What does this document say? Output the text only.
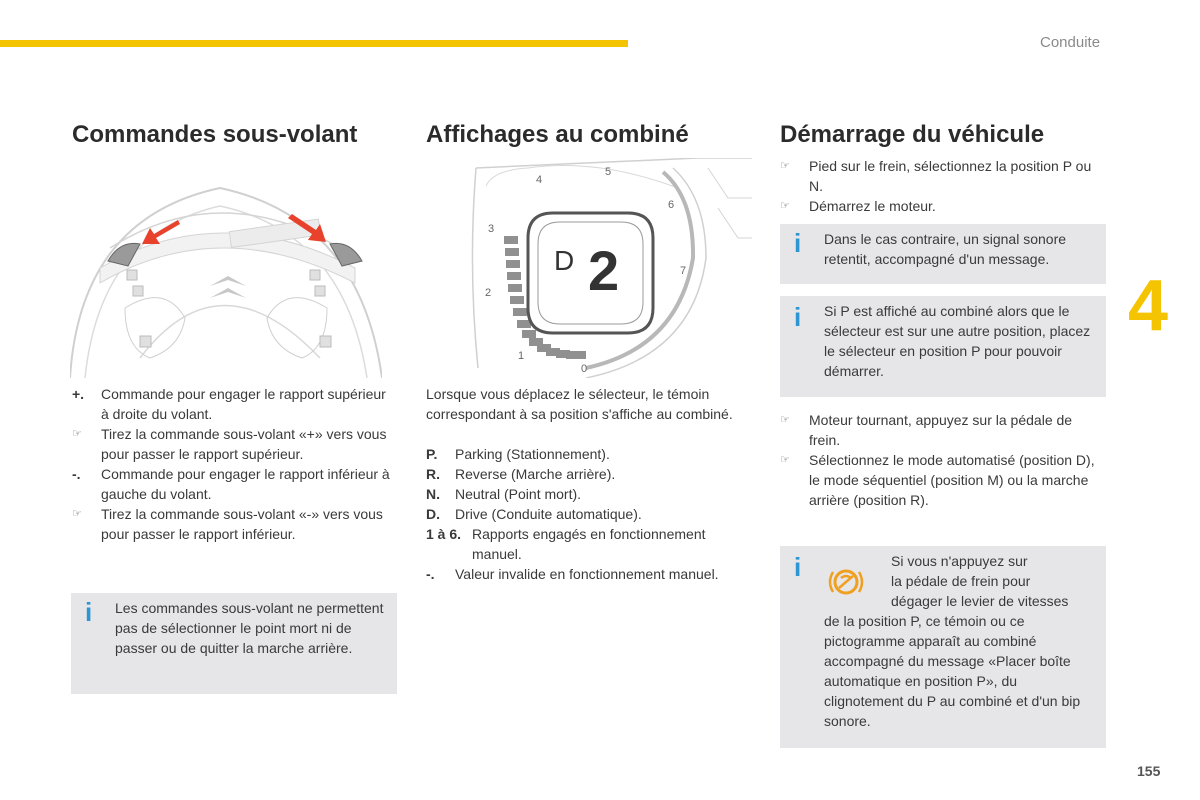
Conduite
4
155
Commandes sous-volant
+. Commande pour engager le rapport supérieur à droite du volant.
☞ Tirez la commande sous-volant «+» vers vous pour passer le rapport supérieur.
-. Commande pour engager le rapport inférieur à gauche du volant.
☞ Tirez la commande sous-volant «-» vers vous pour passer le rapport inférieur.
i Les commandes sous-volant ne permettent pas de sélectionner le point mort ni de passer ou de quitter la marche arrière.
Affichages au combiné
D 2
0
1
2
3
4
5
6
7
Lorsque vous déplacez le sélecteur, le témoin correspondant à sa position s'affiche au combiné.
P. Parking (Stationnement).
R. Reverse (Marche arrière).
N. Neutral (Point mort).
D. Drive (Conduite automatique).
1 à 6. Rapports engagés en fonctionnement manuel.
-. Valeur invalide en fonctionnement manuel.
Démarrage du véhicule
☞ Pied sur le frein, sélectionnez la position P ou N.
☞ Démarrez le moteur.
i Dans le cas contraire, un signal sonore retentit, accompagné d'un message.
i Si P est affiché au combiné alors que le sélecteur est sur une autre position, placez le sélecteur en position P pour pouvoir démarrer.
☞ Moteur tournant, appuyez sur la pédale de frein.
☞ Sélectionnez le mode automatisé (position D), le mode séquentiel (position M) ou la marche arrière (position R).
i	Si vous n'appuyez sur
la pédale de frein pour
dégager le levier de vitesses
de la position P, ce témoin ou ce pictogramme apparaît au combiné accompagné du message «Placer boîte automatique en position P», du clignotement du P au combiné et d'un bip sonore.
